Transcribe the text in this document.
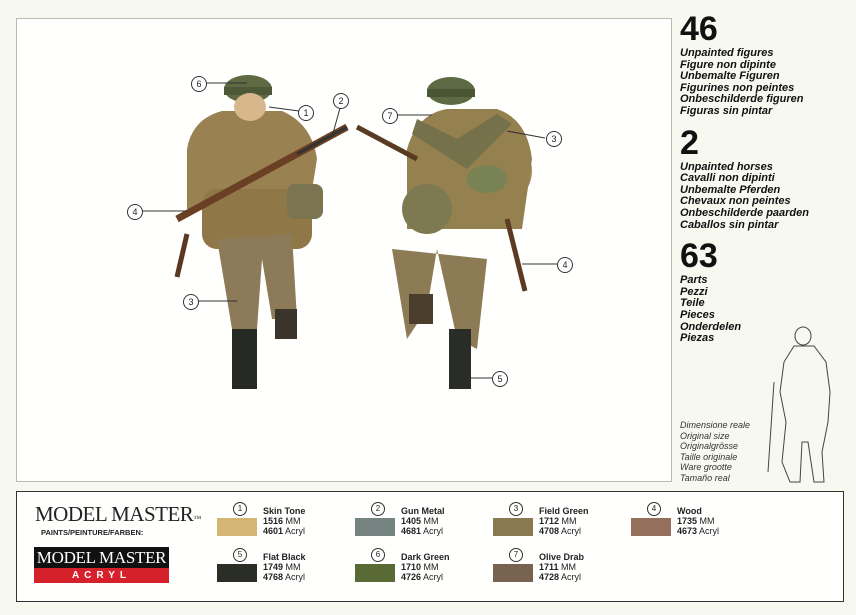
6
1
2
4
3
7
3
4
5

46

Unpainted figures
Figure non dipinte
Unbemalte Figuren
Figurines non peintes
Onbeschilderde figuren
Figuras sin pintar

2

Unpainted horses
Cavalli non dipinti
Unbemalte Pferden
Chevaux non peintes
Onbeschilderde paarden
Caballos sin pintar

63

Parts
Pezzi
Teile
Pieces
Onderdelen
Piezas
Dimensione reale
Original size
Originalgrösse
Taille originale
Ware grootte
Tamaño real
MODEL MASTER™
PAINTS/PEINTURE/FARBEN:
MODEL MASTER
ACRYL
1	Skin Tone
1516 MM
4601 Acryl
2	Gun Metal
1405 MM
4681 Acryl
3	Field Green
1712 MM
4708 Acryl
4	Wood
1735 MM
4673 Acryl
5	Flat Black
1749 MM
4768 Acryl
6	Dark Green
1710 MM
4726 Acryl
7	Olive Drab
1711 MM
4728 Acryl
